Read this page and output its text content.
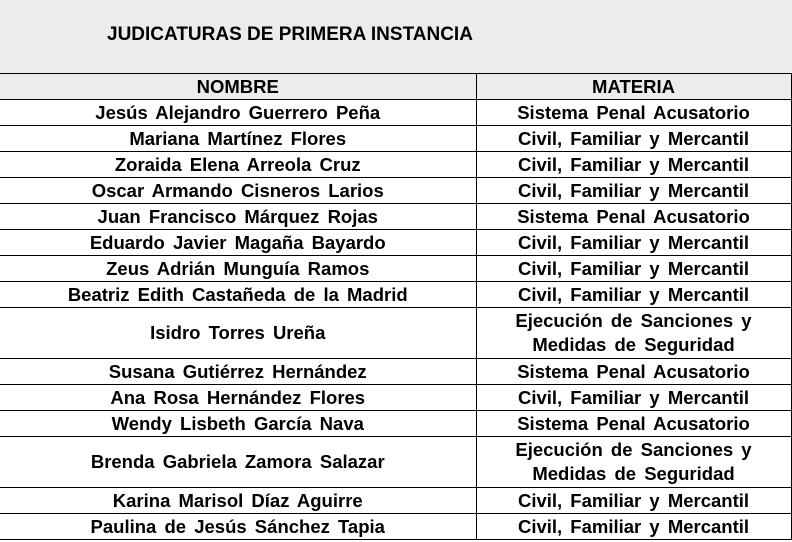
JUDICATURAS DE PRIMERA INSTANCIA
NOMBRE	MATERIA
Jesús Alejandro Guerrero Peña	Sistema Penal Acusatorio
Mariana Martínez Flores	Civil, Familiar y Mercantil
Zoraida Elena Arreola Cruz	Civil, Familiar y Mercantil
Oscar Armando Cisneros Larios	Civil, Familiar y Mercantil
Juan Francisco Márquez Rojas	Sistema Penal Acusatorio
Eduardo Javier Magaña Bayardo	Civil, Familiar y Mercantil
Zeus Adrián Munguía Ramos	Civil, Familiar y Mercantil
Beatriz Edith Castañeda de la Madrid	Civil, Familiar y Mercantil
Isidro Torres Ureña	Ejecución de Sanciones y Medidas de Seguridad
Susana Gutiérrez Hernández	Sistema Penal Acusatorio
Ana Rosa Hernández Flores	Civil, Familiar y Mercantil
Wendy Lisbeth García Nava	Sistema Penal Acusatorio
Brenda Gabriela Zamora Salazar	Ejecución de Sanciones y Medidas de Seguridad
Karina Marisol Díaz Aguirre	Civil, Familiar y Mercantil
Paulina de Jesús Sánchez Tapia	Civil, Familiar y Mercantil
